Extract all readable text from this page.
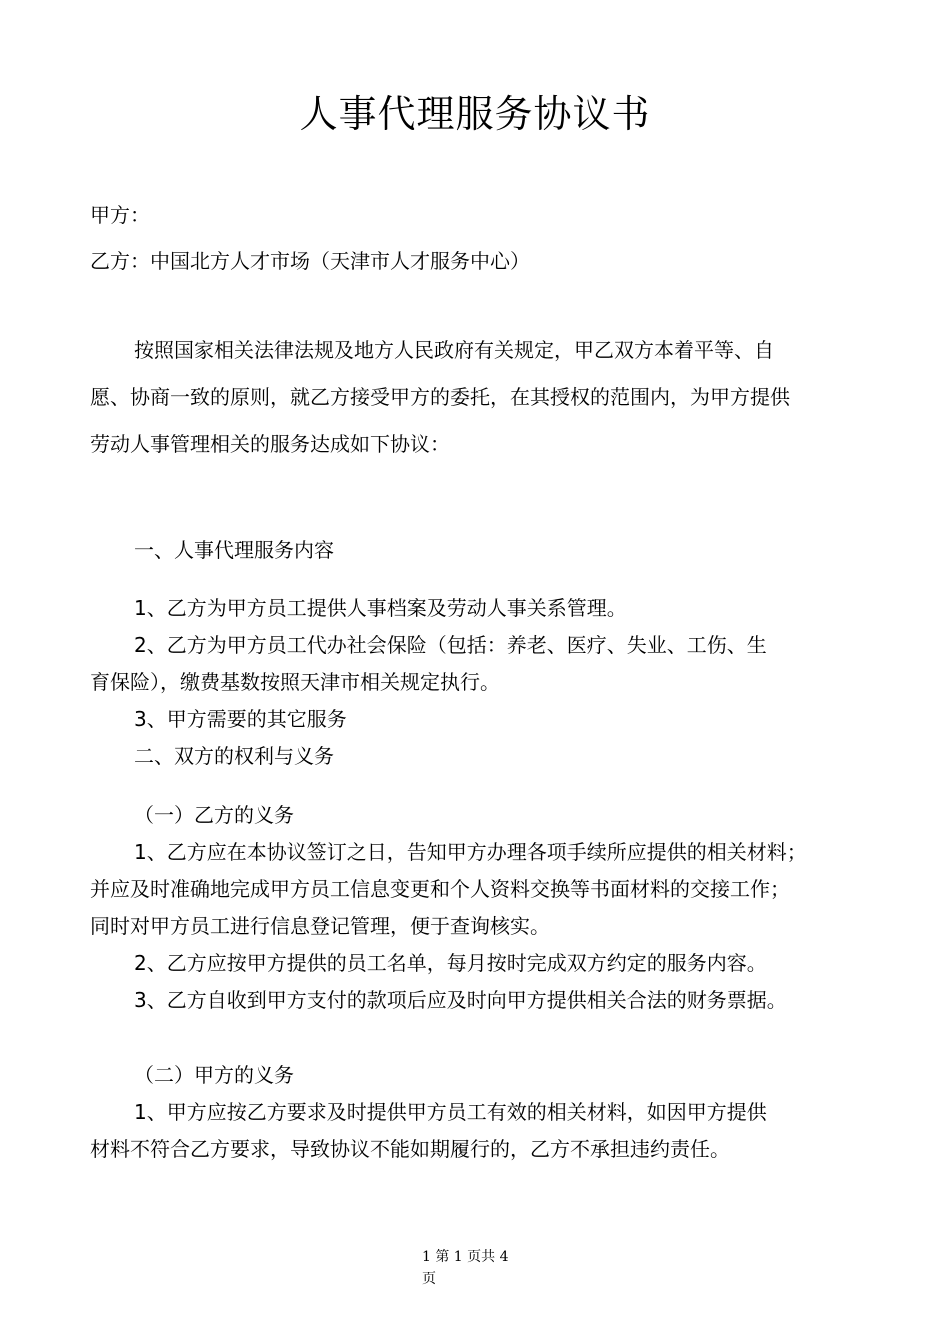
人事代理服务协议书
甲方：
乙方：中国北方人才市场（天津市人才服务中心）
按照国家相关法律法规及地方人民政府有关规定，甲乙双方本着平等、自
愿、协商一致的原则，就乙方接受甲方的委托，在其授权的范围内，为甲方提供
劳动人事管理相关的服务达成如下协议：
一、人事代理服务内容
1、乙方为甲方员工提供人事档案及劳动人事关系管理。
2、乙方为甲方员工代办社会保险（包括：养老、医疗、失业、工伤、生
育保险），缴费基数按照天津市相关规定执行。
3、甲方需要的其它服务
二、双方的权利与义务
（一）乙方的义务
1、乙方应在本协议签订之日，告知甲方办理各项手续所应提供的相关材料；
并应及时准确地完成甲方员工信息变更和个人资料交换等书面材料的交接工作；
同时对甲方员工进行信息登记管理，便于查询核实。
2、乙方应按甲方提供的员工名单，每月按时完成双方约定的服务内容。
3、乙方自收到甲方支付的款项后应及时向甲方提供相关合法的财务票据。
（二）甲方的义务
1、甲方应按乙方要求及时提供甲方员工有效的相关材料，如因甲方提供
材料不符合乙方要求，导致协议不能如期履行的，乙方不承担违约责任。
1 第 1 页共 4
页
